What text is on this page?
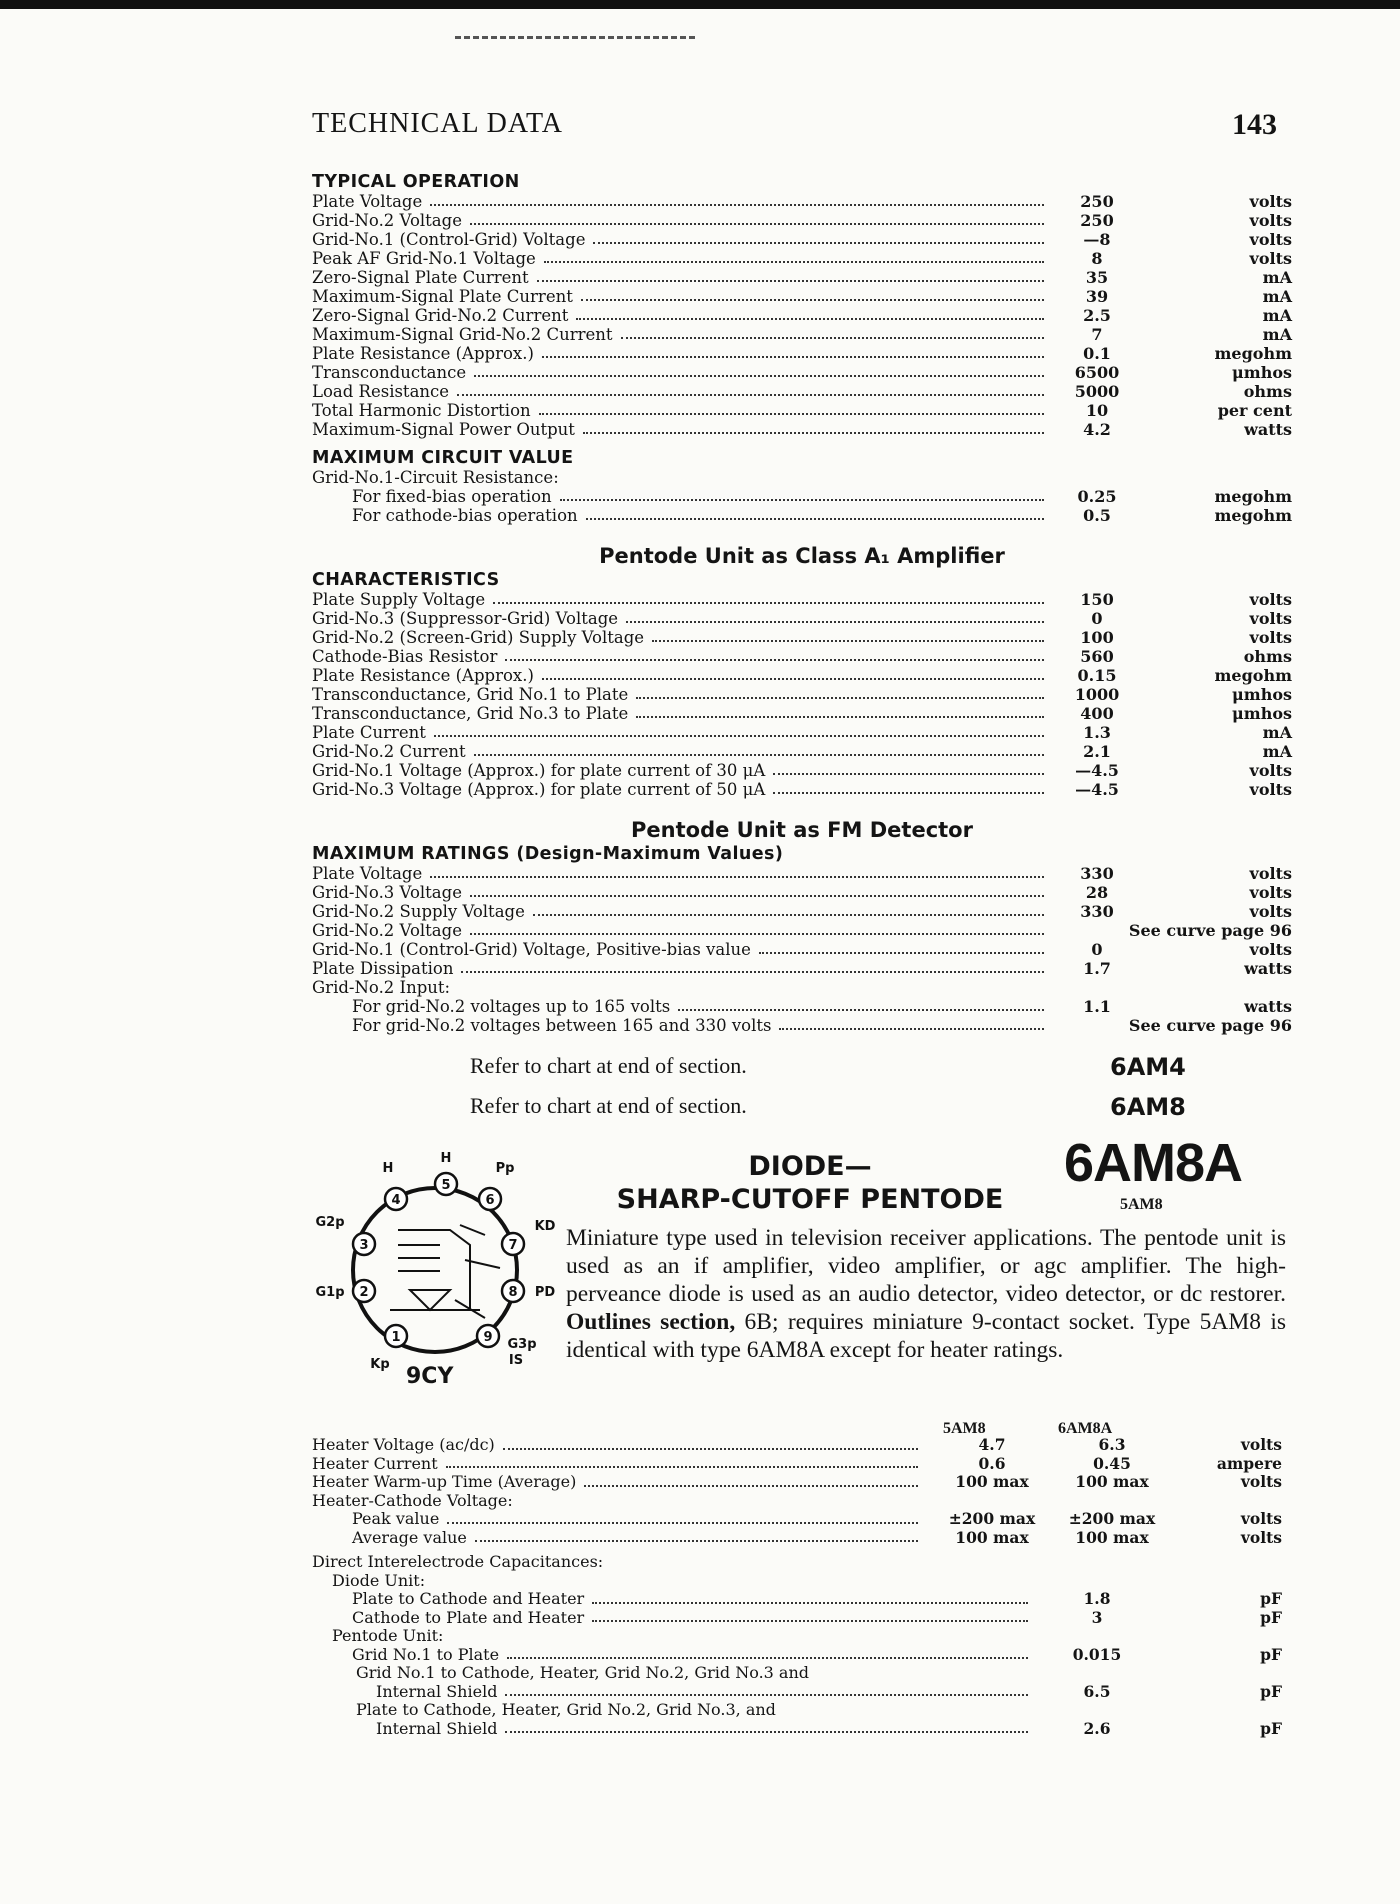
TECHNICAL DATA	143
TYPICAL OPERATION
Plate Voltage	250	volts
Grid-No.2 Voltage	250	volts
Grid-No.1 (Control-Grid) Voltage	—8	volts
Peak AF Grid-No.1 Voltage	8	volts
Zero-Signal Plate Current	35	mA
Maximum-Signal Plate Current	39	mA
Zero-Signal Grid-No.2 Current	2.5	mA
Maximum-Signal Grid-No.2 Current	7	mA
Plate Resistance (Approx.)	0.1	megohm
Transconductance	6500	μmhos
Load Resistance	5000	ohms
Total Harmonic Distortion	10	per cent
Maximum-Signal Power Output	4.2	watts
MAXIMUM CIRCUIT VALUE
Grid-No.1-Circuit Resistance:
For fixed-bias operation	0.25	megohm
For cathode-bias operation	0.5	megohm
Pentode Unit as Class A₁ Amplifier
CHARACTERISTICS
Plate Supply Voltage	150	volts
Grid-No.3 (Suppressor-Grid) Voltage	0	volts
Grid-No.2 (Screen-Grid) Supply Voltage	100	volts
Cathode-Bias Resistor	560	ohms
Plate Resistance (Approx.)	0.15	megohm
Transconductance, Grid No.1 to Plate	1000	μmhos
Transconductance, Grid No.3 to Plate	400	μmhos
Plate Current	1.3	mA
Grid-No.2 Current	2.1	mA
Grid-No.1 Voltage (Approx.) for plate current of 30 μA	—4.5	volts
Grid-No.3 Voltage (Approx.) for plate current of 50 μA	—4.5	volts
Pentode Unit as FM Detector
MAXIMUM RATINGS (Design-Maximum Values)
Plate Voltage	330	volts
Grid-No.3 Voltage	28	volts
Grid-No.2 Supply Voltage	330	volts
Grid-No.2 Voltage	See curve page 96
Grid-No.1 (Control-Grid) Voltage, Positive-bias value	0	volts
Plate Dissipation	1.7	watts
Grid-No.2 Input:
For grid-No.2 voltages up to 165 volts	1.1	watts
For grid-No.2 voltages between 165 and 330 volts	See curve page 96
Refer to chart at end of section.	6AM4
Refer to chart at end of section.	6AM8
1
2
3
4
5
6
7
8
9
Kp
G1p
G2p
H
H
Pp
KD
PD
G3p
IS
9CY
DIODE—
SHARP-CUTOFF PENTODE
6AM8A
5AM8
Miniature type used in television receiver applications. The pentode unit is used as an if amplifier, video amplifier, or agc amplifier. The high-perveance diode is used as an audio detector, video detector, or dc restorer. Outlines section, 6B; requires miniature 9-contact socket. Type 5AM8 is identical with type 6AM8A except for heater ratings.
5AM8	6AM8A
Heater Voltage (ac/dc)	4.7	6.3	volts
Heater Current	0.6	0.45	ampere
Heater Warm-up Time (Average)	100 max	100 max	volts
Heater-Cathode Voltage:
Peak value	±200 max	±200 max	volts
Average value	100 max	100 max	volts
Direct Interelectrode Capacitances:
Diode Unit:
Plate to Cathode and Heater	1.8	pF
Cathode to Plate and Heater	3	pF
Pentode Unit:
Grid No.1 to Plate	0.015	pF
Grid No.1 to Cathode, Heater, Grid No.2, Grid No.3 and
Internal Shield	6.5	pF
Plate to Cathode, Heater, Grid No.2, Grid No.3, and
Internal Shield	2.6	pF
